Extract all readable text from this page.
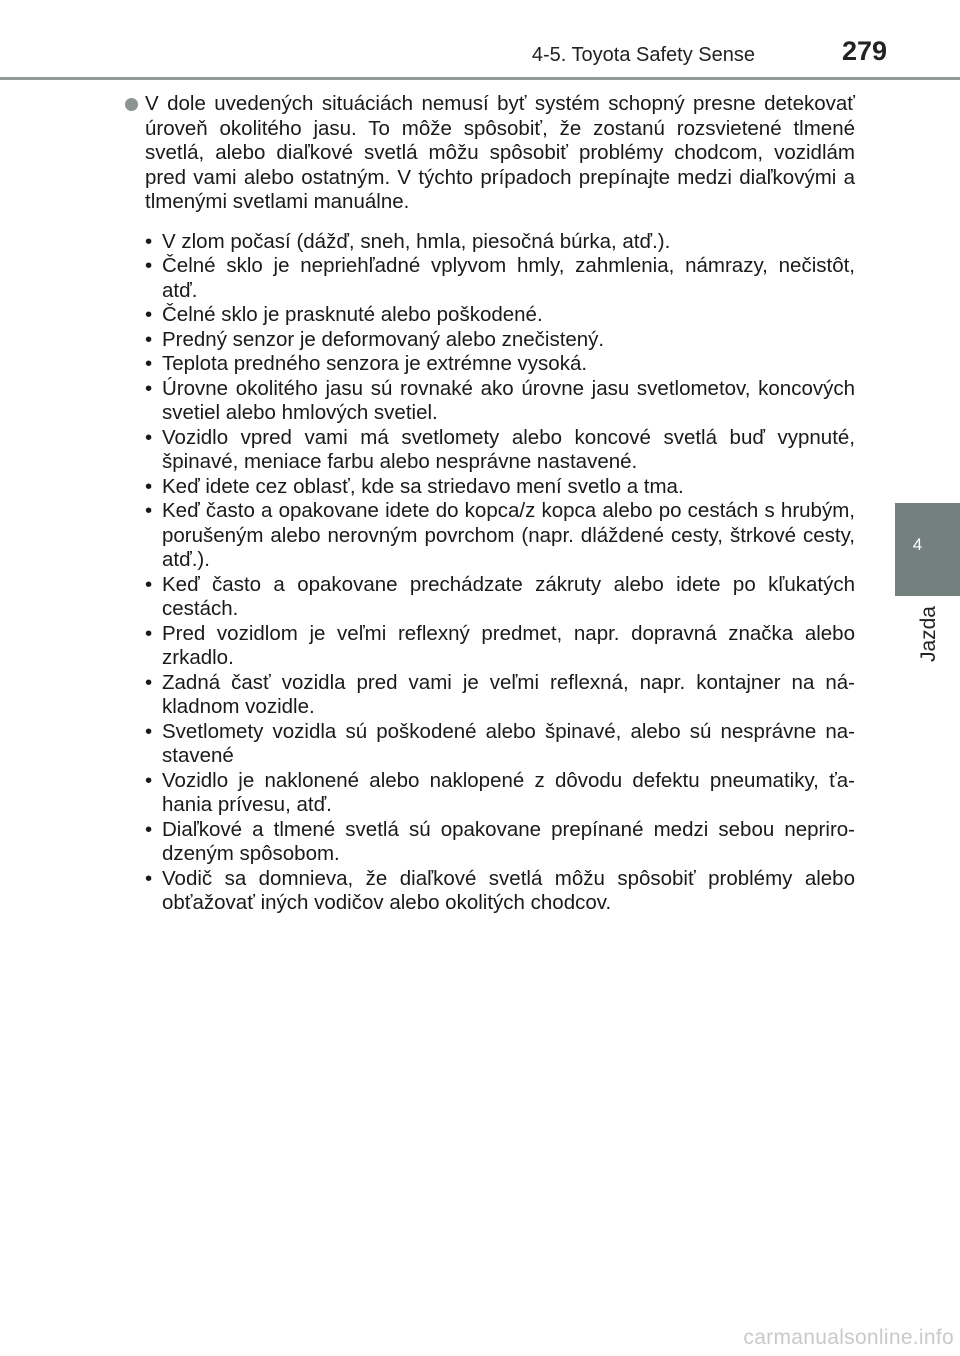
4-5. Toyota Safety Sense	279
4
Jazda

V dole uvedených situáciách nemusí byť systém schopný presne detekovať úroveň okolitého jasu. To môže spôsobiť, že zostanú rozsvietené tlmené svetlá, alebo diaľkové svetlá môžu spôsobiť problémy chodcom, vozidlám pred vami alebo ostatným. V týchto prípadoch prepínajte medzi diaľkovými a tlmenými svetlami manuálne.

• V zlom počasí (dážď, sneh, hmla, piesočná búrka, atď.).
• Čelné sklo je nepriehľadné vplyvom hmly, zahmlenia, námrazy, nečistôt, atď.
• Čelné sklo je prasknuté alebo poškodené.
• Predný senzor je deformovaný alebo znečistený.
• Teplota predného senzora je extrémne vysoká.
• Úrovne okolitého jasu sú rovnaké ako úrovne jasu svetlometov, koncových svetiel alebo hmlových svetiel.
• Vozidlo vpred vami má svetlomety alebo koncové svetlá buď vypnuté, špinavé, meniace farbu alebo nesprávne nastavené.
• Keď idete cez oblasť, kde sa striedavo mení svetlo a tma.
• Keď často a opakovane idete do kopca/z kopca alebo po cestách s hrubým, porušeným alebo nerovným povrchom (napr. dláždené cesty, štrkové cesty, atď.).
• Keď často a opakovane prechádzate zákruty alebo idete po kľukatých cestách.
• Pred vozidlom je veľmi reflexný predmet, napr. dopravná značka alebo zrkadlo.
• Zadná časť vozidla pred vami je veľmi reflexná, napr. kontajner na nákladnom vozidle.
• Svetlomety vozidla sú poškodené alebo špinavé, alebo sú nesprávne nastavené
• Vozidlo je naklonené alebo naklopené z dôvodu defektu pneumatiky, ťahania prívesu, atď.
• Diaľkové a tlmené svetlá sú opakovane prepínané medzi sebou neprirodzeným spôsobom.
• Vodič sa domnieva, že diaľkové svetlá môžu spôsobiť problémy alebo obťažovať iných vodičov alebo okolitých chodcov.
carmanualsonline.info
